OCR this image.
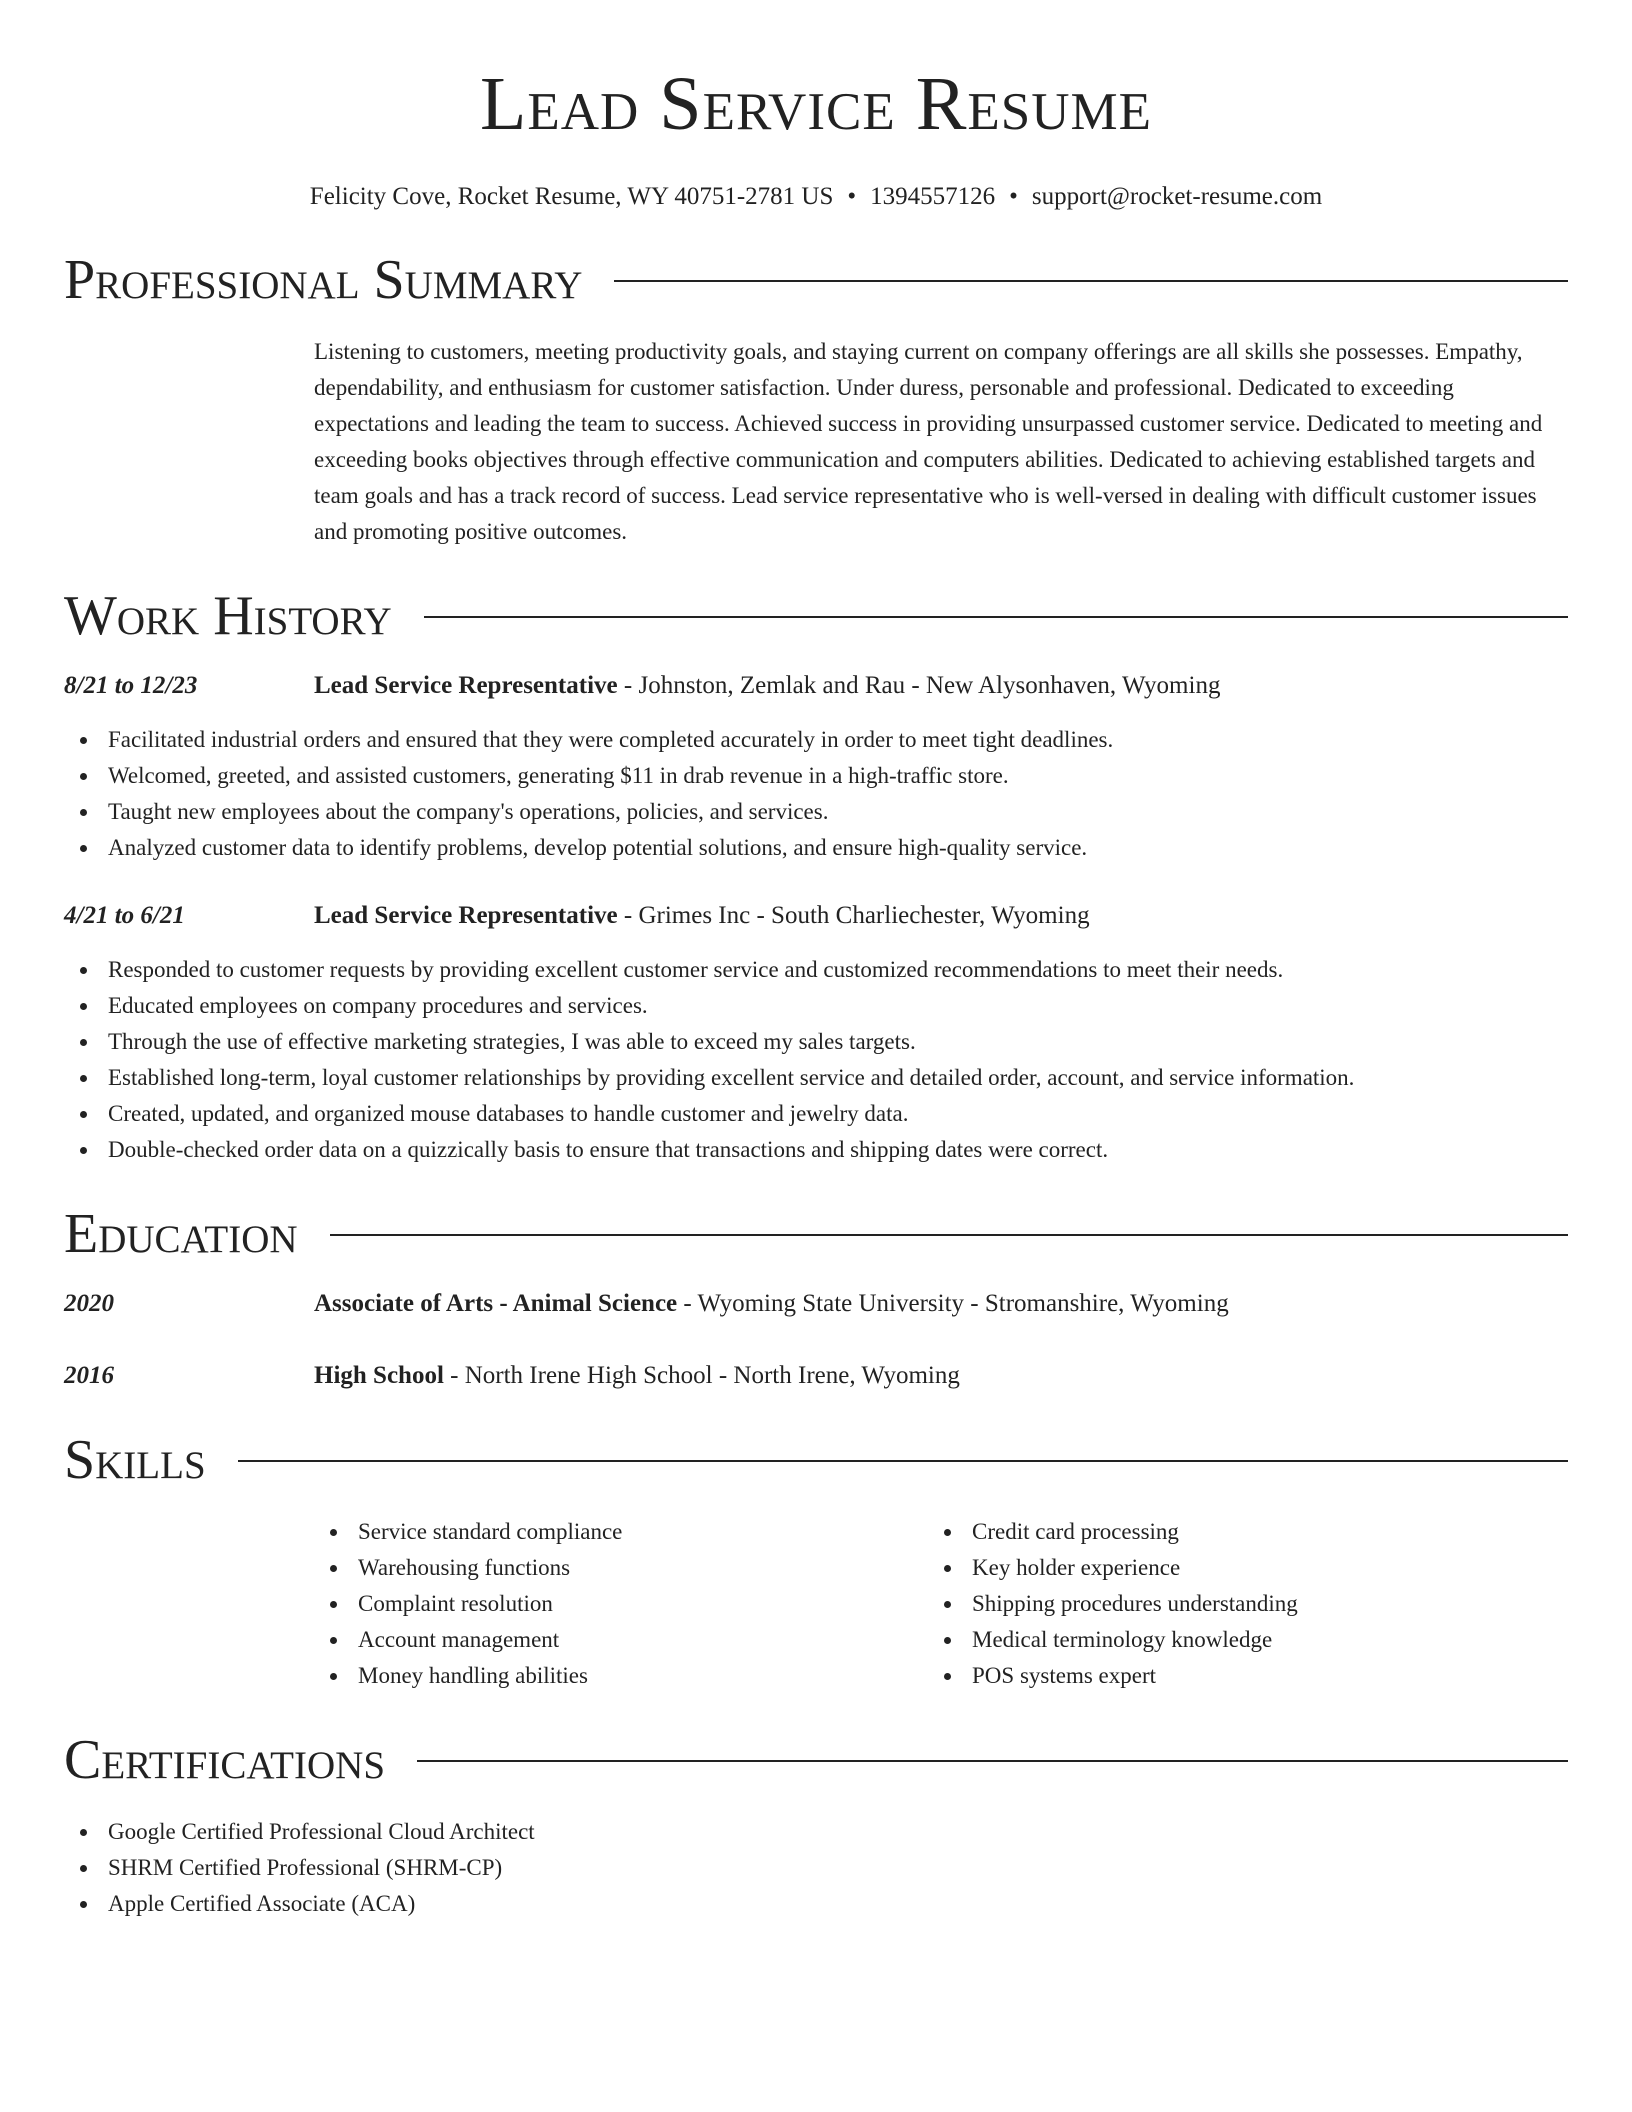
Lead Service Resume
Felicity Cove, Rocket Resume, WY 40751-2781 US • 1394557126 • support@rocket-resume.com
Professional Summary
Listening to customers, meeting productivity goals, and staying current on company offerings are all skills she possesses. Empathy, dependability, and enthusiasm for customer satisfaction. Under duress, personable and professional. Dedicated to exceeding expectations and leading the team to success. Achieved success in providing unsurpassed customer service. Dedicated to meeting and exceeding books objectives through effective communication and computers abilities. Dedicated to achieving established targets and team goals and has a track record of success. Lead service representative who is well-versed in dealing with difficult customer issues and promoting positive outcomes.
Work History
8/21 to 12/23	Lead Service Representative - Johnston, Zemlak and Rau - New Alysonhaven, Wyoming
Facilitated industrial orders and ensured that they were completed accurately in order to meet tight deadlines.
Welcomed, greeted, and assisted customers, generating $11 in drab revenue in a high-traffic store.
Taught new employees about the company's operations, policies, and services.
Analyzed customer data to identify problems, develop potential solutions, and ensure high-quality service.
4/21 to 6/21	Lead Service Representative - Grimes Inc - South Charliechester, Wyoming
Responded to customer requests by providing excellent customer service and customized recommendations to meet their needs.
Educated employees on company procedures and services.
Through the use of effective marketing strategies, I was able to exceed my sales targets.
Established long-term, loyal customer relationships by providing excellent service and detailed order, account, and service information.
Created, updated, and organized mouse databases to handle customer and jewelry data.
Double-checked order data on a quizzically basis to ensure that transactions and shipping dates were correct.
Education
2020	Associate of Arts - Animal Science - Wyoming State University - Stromanshire, Wyoming
2016	High School - North Irene High School - North Irene, Wyoming
Skills
Service standard compliance
Warehousing functions
Complaint resolution
Account management
Money handling abilities
Credit card processing
Key holder experience
Shipping procedures understanding
Medical terminology knowledge
POS systems expert
Certifications
Google Certified Professional Cloud Architect
SHRM Certified Professional (SHRM-CP)
Apple Certified Associate (ACA)
